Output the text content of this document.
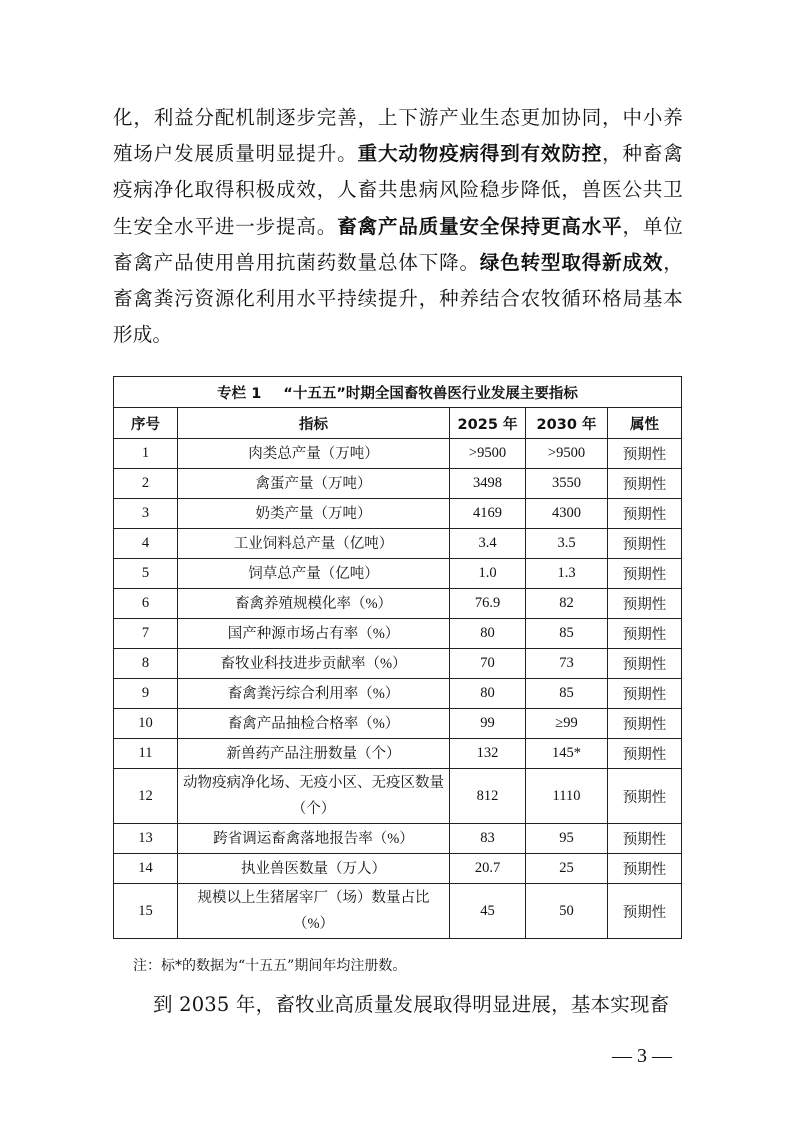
化，利益分配机制逐步完善，上下游产业生态更加协同，中小养殖场户发展质量明显提升。重大动物疫病得到有效防控，种畜禽疫病净化取得积极成效，人畜共患病风险稳步降低，兽医公共卫生安全水平进一步提高。畜禽产品质量安全保持更高水平，单位畜禽产品使用兽用抗菌药数量总体下降。绿色转型取得新成效，畜禽粪污资源化利用水平持续提升，种养结合农牧循环格局基本形成。
专栏 1 “十五五”时期全国畜牧兽医行业发展主要指标				
序号	指标	2025 年	2030 年	属性
1	肉类总产量（万吨）	>9500	>9500	预期性
2	禽蛋产量（万吨）	3498	3550	预期性
3	奶类产量（万吨）	4169	4300	预期性
4	工业饲料总产量（亿吨）	3.4	3.5	预期性
5	饲草总产量（亿吨）	1.0	1.3	预期性
6	畜禽养殖规模化率（%）	76.9	82	预期性
7	国产种源市场占有率（%）	80	85	预期性
8	畜牧业科技进步贡献率（%）	70	73	预期性
9	畜禽粪污综合利用率（%）	80	85	预期性
10	畜禽产品抽检合格率（%）	99	≥99	预期性
11	新兽药产品注册数量（个）	132	145*	预期性
12	动物疫病净化场、无疫小区、无疫区数量（个）	812	1110	预期性
13	跨省调运畜禽落地报告率（%）	83	95	预期性
14	执业兽医数量（万人）	20.7	25	预期性
15	规模以上生猪屠宰厂（场）数量占比（%）	45	50	预期性
注：标*的数据为“十五五”期间年均注册数。
到 2035 年，畜牧业高质量发展取得明显进展，基本实现畜
— 3 —
